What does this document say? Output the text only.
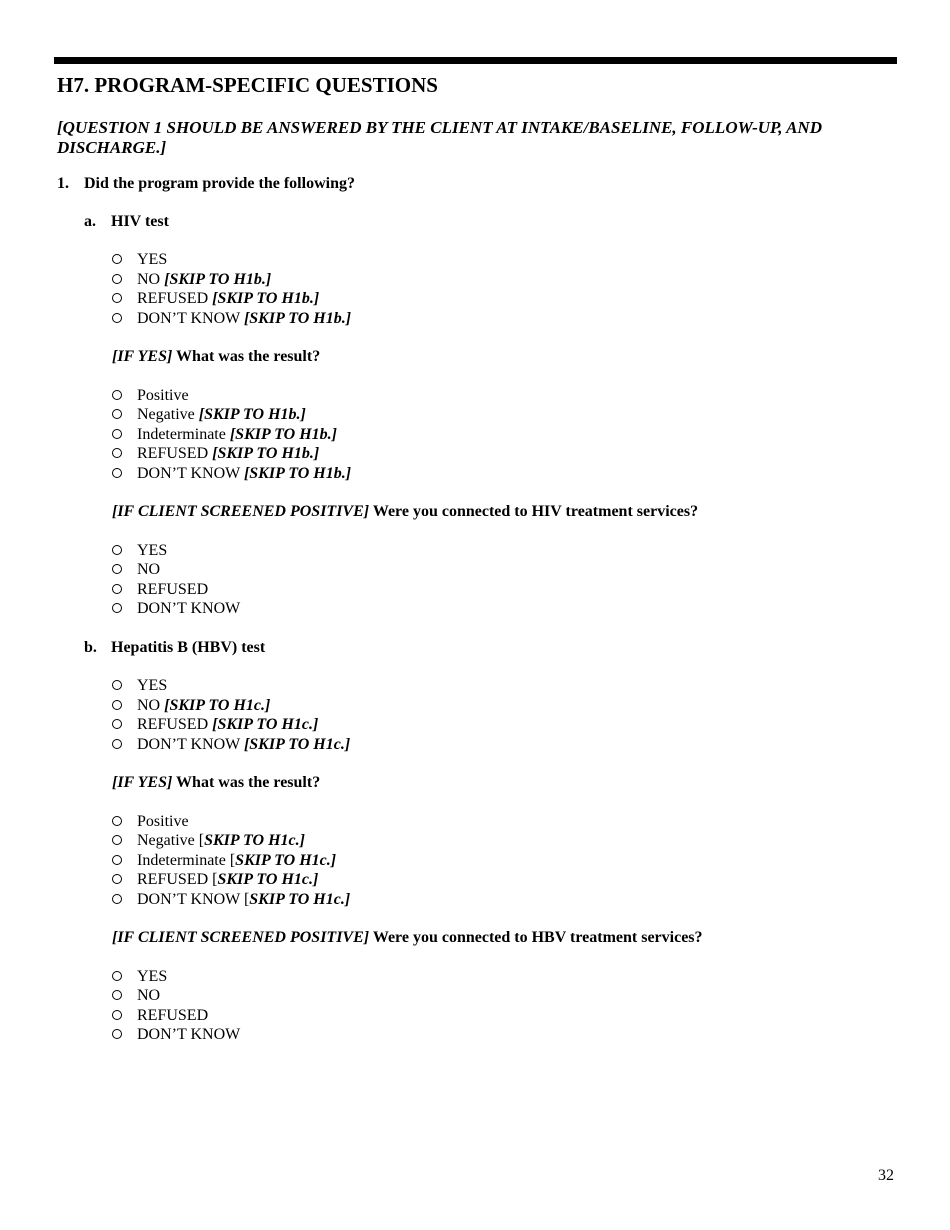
H7. PROGRAM-SPECIFIC QUESTIONS
[QUESTION 1 SHOULD BE ANSWERED BY THE CLIENT AT INTAKE/BASELINE, FOLLOW-UP, AND DISCHARGE.]
1. Did the program provide the following?
a. HIV test
YES
NO [SKIP TO H1b.]
REFUSED [SKIP TO H1b.]
DON’T KNOW [SKIP TO H1b.]
[IF YES] What was the result?
Positive
Negative [SKIP TO H1b.]
Indeterminate [SKIP TO H1b.]
REFUSED [SKIP TO H1b.]
DON’T KNOW [SKIP TO H1b.]
[IF CLIENT SCREENED POSITIVE] Were you connected to HIV treatment services?
YES
NO
REFUSED
DON’T KNOW
b. Hepatitis B (HBV) test
YES
NO [SKIP TO H1c.]
REFUSED [SKIP TO H1c.]
DON’T KNOW [SKIP TO H1c.]
[IF YES] What was the result?
Positive
Negative [SKIP TO H1c.]
Indeterminate [SKIP TO H1c.]
REFUSED [SKIP TO H1c.]
DON’T KNOW [SKIP TO H1c.]
[IF CLIENT SCREENED POSITIVE] Were you connected to HBV treatment services?
YES
NO
REFUSED
DON’T KNOW
32
